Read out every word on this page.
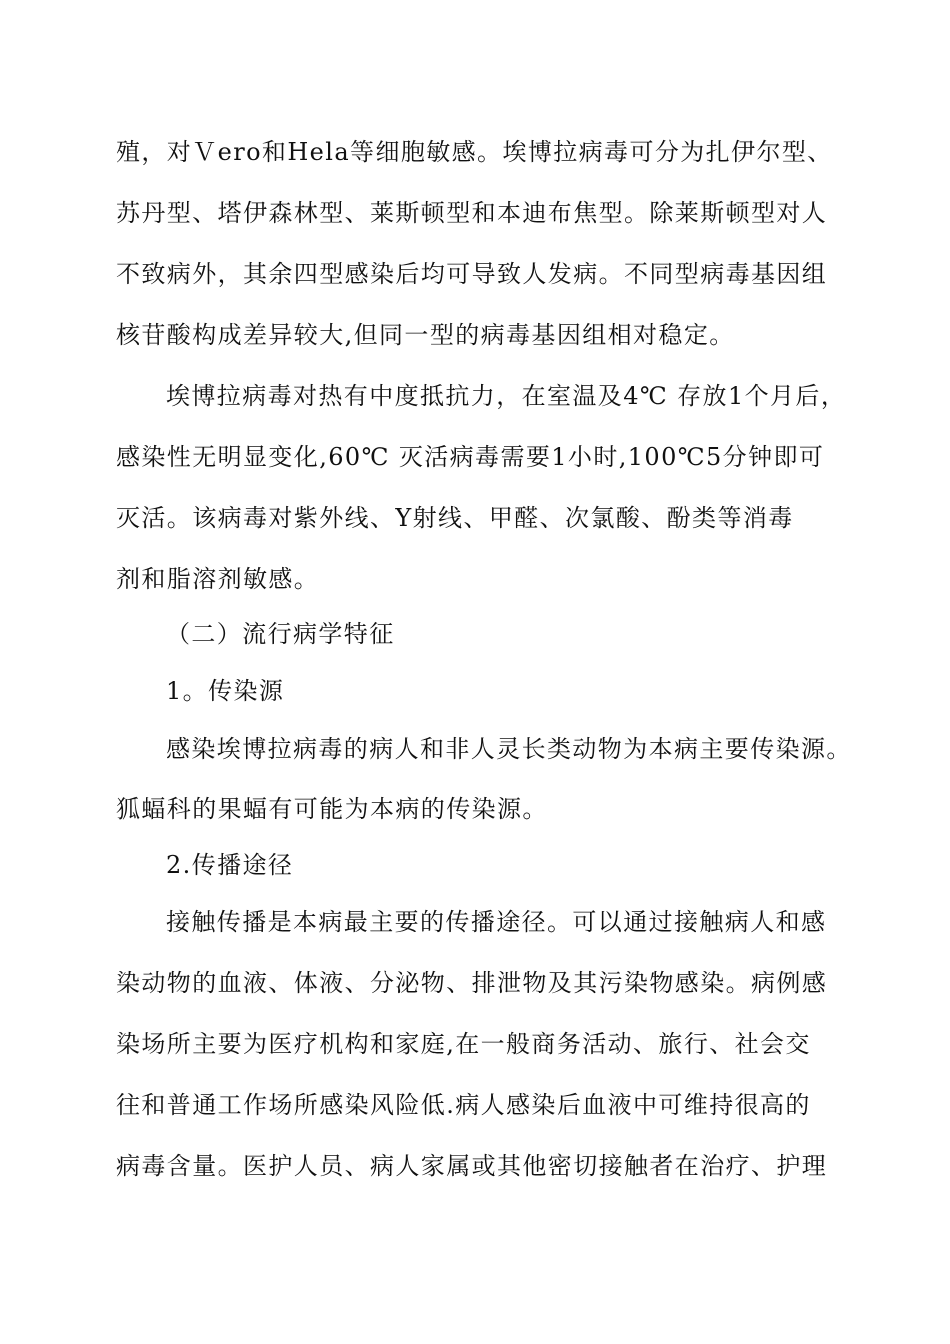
殖，对Ｖero和Hela等细胞敏感。埃博拉病毒可分为扎伊尔型、
苏丹型、塔伊森林型、莱斯顿型和本迪布焦型。除莱斯顿型对人
不致病外，其余四型感染后均可导致人发病。不同型病毒基因组
核苷酸构成差异较大,但同一型的病毒基因组相对稳定。
埃博拉病毒对热有中度抵抗力，在室温及4℃ 存放1个月后，
感染性无明显变化,60℃ 灭活病毒需要1小时,100℃5分钟即可
灭活。该病毒对紫外线、Υ射线、甲醛、次氯酸、酚类等消毒
剂和脂溶剂敏感。
（二）流行病学特征
1。传染源
感染埃博拉病毒的病人和非人灵长类动物为本病主要传染源。
狐蝠科的果蝠有可能为本病的传染源。
2.传播途径
接触传播是本病最主要的传播途径。可以通过接触病人和感
染动物的血液、体液、分泌物、排泄物及其污染物感染。病例感
染场所主要为医疗机构和家庭,在一般商务活动、旅行、社会交
往和普通工作场所感染风险低.病人感染后血液中可维持很高的
病毒含量。医护人员、病人家属或其他密切接触者在治疗、护理
